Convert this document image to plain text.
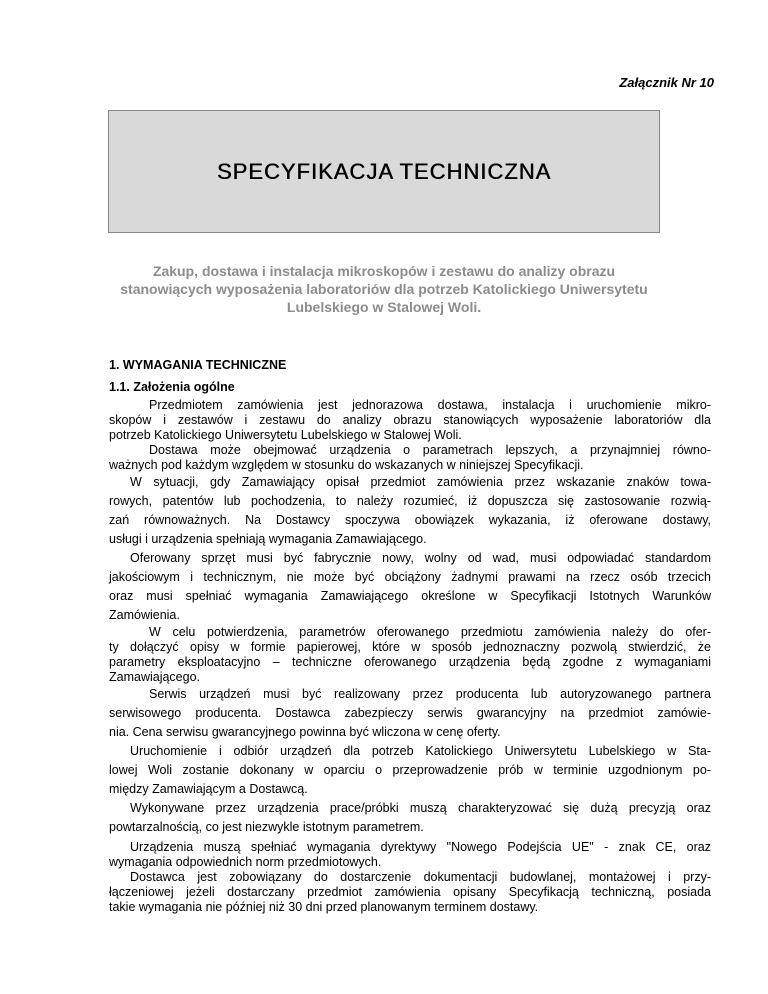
Załącznik Nr 10
SPECYFIKACJA TECHNICZNA
Zakup, dostawa i instalacja mikroskopów i zestawu do analizy obrazu
stanowiących wyposażenia laboratoriów dla potrzeb Katolickiego Uniwersytetu
Lubelskiego w Stalowej Woli.
1. WYMAGANIA TECHNICZNE
1.1. Założenia ogólne
Przedmiotem zamówienia jest jednorazowa dostawa, instalacja i uruchomienie mikro-
skopów i zestawów i zestawu do analizy obrazu stanowiących wyposażenie laboratoriów dla
potrzeb Katolickiego Uniwersytetu Lubelskiego w Stalowej Woli.
Dostawa może obejmować urządzenia o parametrach lepszych, a przynajmniej równo-
ważnych pod każdym względem w stosunku do wskazanych w niniejszej Specyfikacji.
W sytuacji, gdy Zamawiający opisał przedmiot zamówienia przez wskazanie znaków towa-
rowych, patentów lub pochodzenia, to należy rozumieć, iż dopuszcza się zastosowanie rozwią-
zań równoważnych. Na Dostawcy spoczywa obowiązek wykazania, iż oferowane dostawy,
usługi i urządzenia spełniają wymagania Zamawiającego.
Oferowany sprzęt musi być fabrycznie nowy, wolny od wad, musi odpowiadać standardom
jakościowym i technicznym, nie może być obciążony żadnymi prawami na rzecz osób trzecich
oraz musi spełniać wymagania Zamawiającego określone w Specyfikacji Istotnych Warunków
Zamówienia.
W celu potwierdzenia, parametrów oferowanego przedmiotu zamówienia należy do ofer-
ty dołączyć opisy w formie papierowej, które w sposób jednoznaczny pozwolą stwierdzić, że
parametry eksploatacyjno – techniczne oferowanego urządzenia będą zgodne z wymaganiami
Zamawiającego.
Serwis urządzeń musi być realizowany przez producenta lub autoryzowanego partnera
serwisowego producenta. Dostawca zabezpieczy serwis gwarancyjny na przedmiot zamówie-
nia. Cena serwisu gwarancyjnego powinna być wliczona w cenę oferty.
Uruchomienie i odbiór urządzeń dla potrzeb Katolickiego Uniwersytetu Lubelskiego w Sta-
lowej Woli zostanie dokonany w oparciu o przeprowadzenie prób w terminie uzgodnionym po-
między Zamawiającym a Dostawcą.
Wykonywane przez urządzenia prace/próbki muszą charakteryzować się dużą precyzją oraz
powtarzalnością, co jest niezwykle istotnym parametrem.
Urządzenia muszą spełniać wymagania dyrektywy "Nowego Podejścia UE" - znak CE, oraz
wymagania odpowiednich norm przedmiotowych.
Dostawca jest zobowiązany do dostarczenie dokumentacji budowlanej, montażowej i przy-
łączeniowej jeżeli dostarczany przedmiot zamówienia opisany Specyfikacją techniczną, posiada
takie wymagania nie później niż 30 dni przed planowanym terminem dostawy.
